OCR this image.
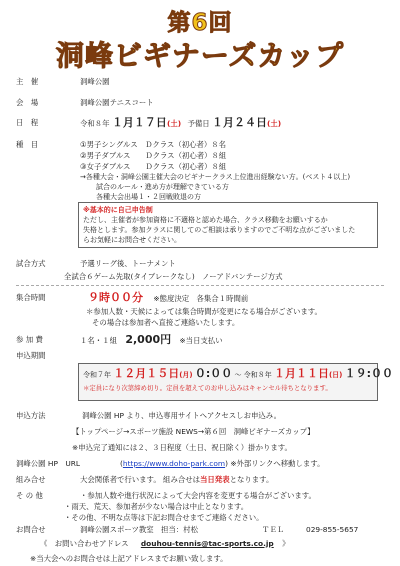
第6回
洞峰ビギナーズカップ
主　催	洞峰公園
会　場	洞峰公園テニスコート
日　程	令和８年 １月１７日(土) 予備日 １月２４日(土)
種　目	①男子シングルス　Ｄクラス（初心者）８名
②男子ダブルス　　Ｄクラス（初心者）８組
③女子ダブルス　　Ｄクラス（初心者）８組
→各種大会・洞峰公園主催大会のビギナークラス上位進出経験ない方。(ベスト４以上)
試合のルール・進め方が理解できている方
各種大会出場１・２回戦敗退の方
※基本的に自己申告制
ただし、主催者が参加資格に不適格と認めた場合、クラス移動をお願いするか
失格とします。参加クラスに関してのご相談は承りますのでご不明な点がございました
らお気軽にお問合せください。
試合方式	予選リーグ後、トーナメント
全試合６ゲーム先取(タイブレークなし)　ノーアドバンテージ方式
集合時間	９時００分 ※態度決定　各集合１時間前
＊参加人数・天候によっては集合時間が変更になる場合がございます。
その場合は参加者へ直接ご連絡いたします。
参 加 費	１名・１組 2,000円 ※当日支払い
申込期間
令和７年 １２月１５日(月) ０:００ ～ 令和８年 １月１１日(日) １９:００
＊定員になり次第締め切り。定員を超えてのお申し込みはキャンセル待ちとなります。
申込方法	洞峰公園 HP より、申込専用サイトへアクセスしお申込み。
【トップページ→スポーツ施設 NEWS→第６回　洞峰ビギナーズカップ】
※申込完了通知には２、３日程度（土日、祝日除く）掛かります。
洞峰公園 HP　URL	(https://www.doho-park.com) ※外部リンクへ移動します。
組み合せ	大会関係者で行います。 組み合せは当日発表となります。
そ の 他	・参加人数や進行状況によって大会内容を変更する場合がございます。
・雨天、荒天、参加者が少ない場合は中止となります。
・その他、不明な点等は下記お問合せまでご連絡ください。
お問合せ	洞峰公園スポーツ教室　担当：村松	ＴＥＬ	029-855-5657
《　お問い合わせアドレス douhou-tennis@tac-sports.co.jp 》
※当大会へのお問合せは上記アドレスまでお願い致します。
